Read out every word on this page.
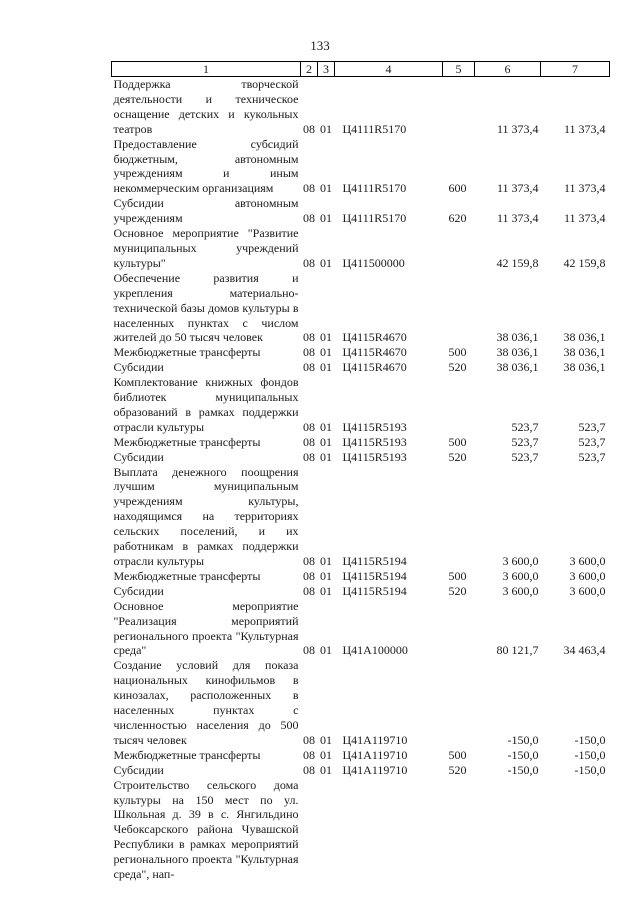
133
1	2	3	4	5	6	7
Поддержка творческой деятельности и техническое оснащение детских и кукольных театров	08	01	Ц4111R5170		11 373,4	11 373,4
Предоставление субсидий бюджетным, автономным учреждениям и иным некоммерческим организациям	08	01	Ц4111R5170	600	11 373,4	11 373,4
Субсидии автономным учреждениям	08	01	Ц4111R5170	620	11 373,4	11 373,4
Основное мероприятие "Развитие муниципальных учреждений культуры"	08	01	Ц411500000		42 159,8	42 159,8
Обеспечение развития и укрепления материально-технической базы домов культуры в населенных пунктах с числом жителей до 50 тысяч человек	08	01	Ц4115R4670		38 036,1	38 036,1
Межбюджетные трансферты	08	01	Ц4115R4670	500	38 036,1	38 036,1
Субсидии	08	01	Ц4115R4670	520	38 036,1	38 036,1
Комплектование книжных фондов библиотек муниципальных образований в рамках поддержки отрасли культуры	08	01	Ц4115R5193		523,7	523,7
Межбюджетные трансферты	08	01	Ц4115R5193	500	523,7	523,7
Субсидии	08	01	Ц4115R5193	520	523,7	523,7
Выплата денежного поощрения лучшим муниципальным учреждениям культуры, находящимся на территориях сельских поселений, и их работникам в рамках поддержки отрасли культуры	08	01	Ц4115R5194		3 600,0	3 600,0
Межбюджетные трансферты	08	01	Ц4115R5194	500	3 600,0	3 600,0
Субсидии	08	01	Ц4115R5194	520	3 600,0	3 600,0
Основное мероприятие "Реализация мероприятий регионального проекта "Культурная среда"	08	01	Ц41А100000		80 121,7	34 463,4
Создание условий для показа национальных кинофильмов в кинозалах, расположенных в населенных пунктах с численностью населения до 500 тысяч человек	08	01	Ц41А119710		-150,0	-150,0
Межбюджетные трансферты	08	01	Ц41А119710	500	-150,0	-150,0
Субсидии	08	01	Ц41А119710	520	-150,0	-150,0
Строительство сельского дома культуры на 150 мест по ул. Школьная д. 39 в с. Янгильдино Чебоксарского района Чувашской Республики в рамках мероприятий регионального проекта "Культурная среда", нап-						
